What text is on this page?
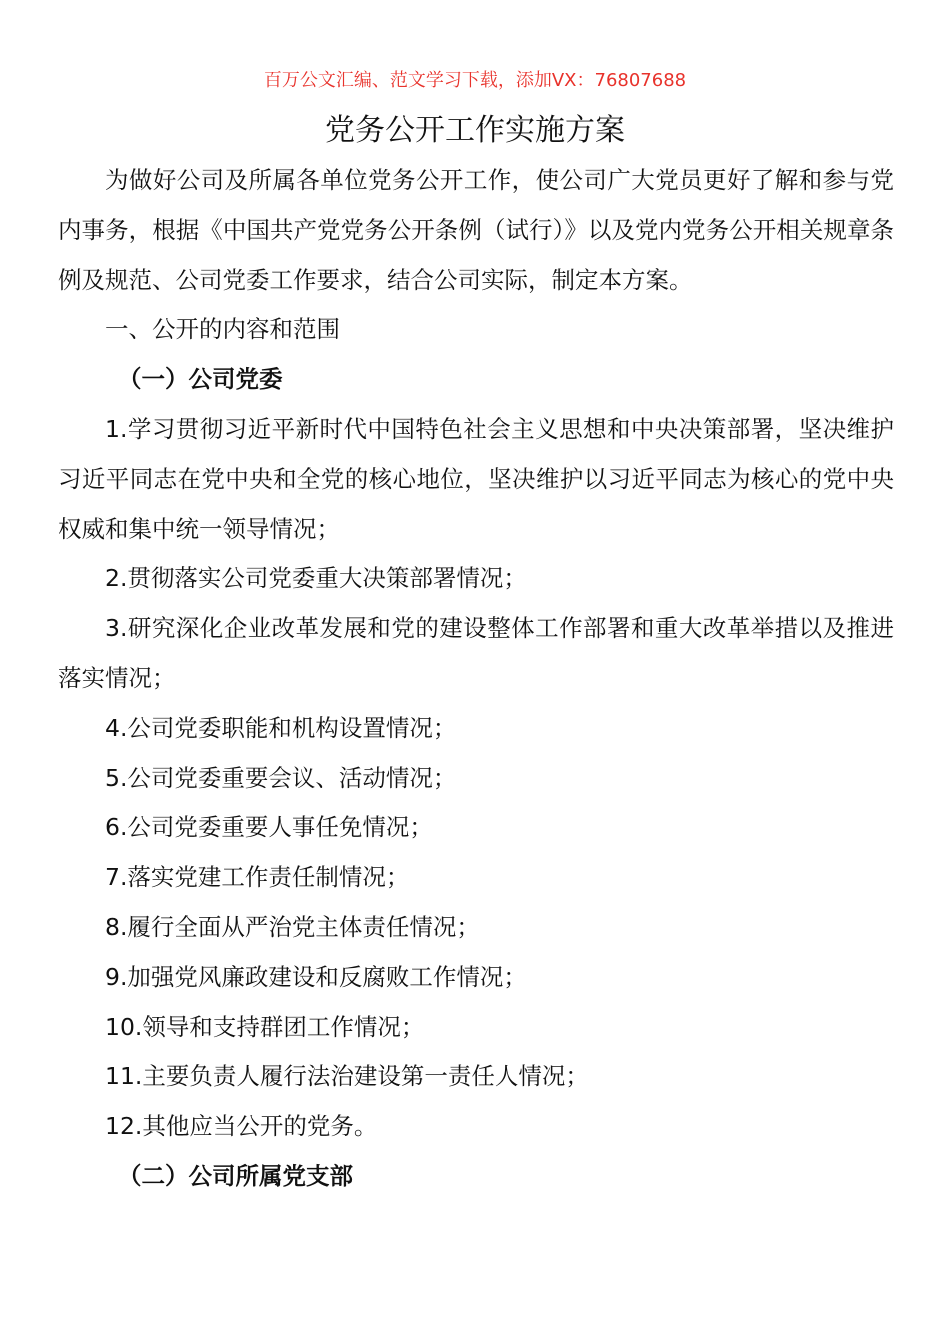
百万公文汇编、范文学习下载，添加VX：76807688
党务公开工作实施方案

为做好公司及所属各单位党务公开工作，使公司广大党员更好了解和参与党内事务，根据《中国共产党党务公开条例（试行）》以及党内党务公开相关规章条例及规范、公司党委工作要求，结合公司实际，制定本方案。

一、公开的内容和范围

（一）公司党委

1.学习贯彻习近平新时代中国特色社会主义思想和中央决策部署，坚决维护习近平同志在党中央和全党的核心地位，坚决维护以习近平同志为核心的党中央权威和集中统一领导情况；

2.贯彻落实公司党委重大决策部署情况；

3.研究深化企业改革发展和党的建设整体工作部署和重大改革举措以及推进落实情况；

4.公司党委职能和机构设置情况；

5.公司党委重要会议、活动情况；

6.公司党委重要人事任免情况；

7.落实党建工作责任制情况；

8.履行全面从严治党主体责任情况；

9.加强党风廉政建设和反腐败工作情况；

10.领导和支持群团工作情况；

11.主要负责人履行法治建设第一责任人情况；

12.其他应当公开的党务。

（二）公司所属党支部
